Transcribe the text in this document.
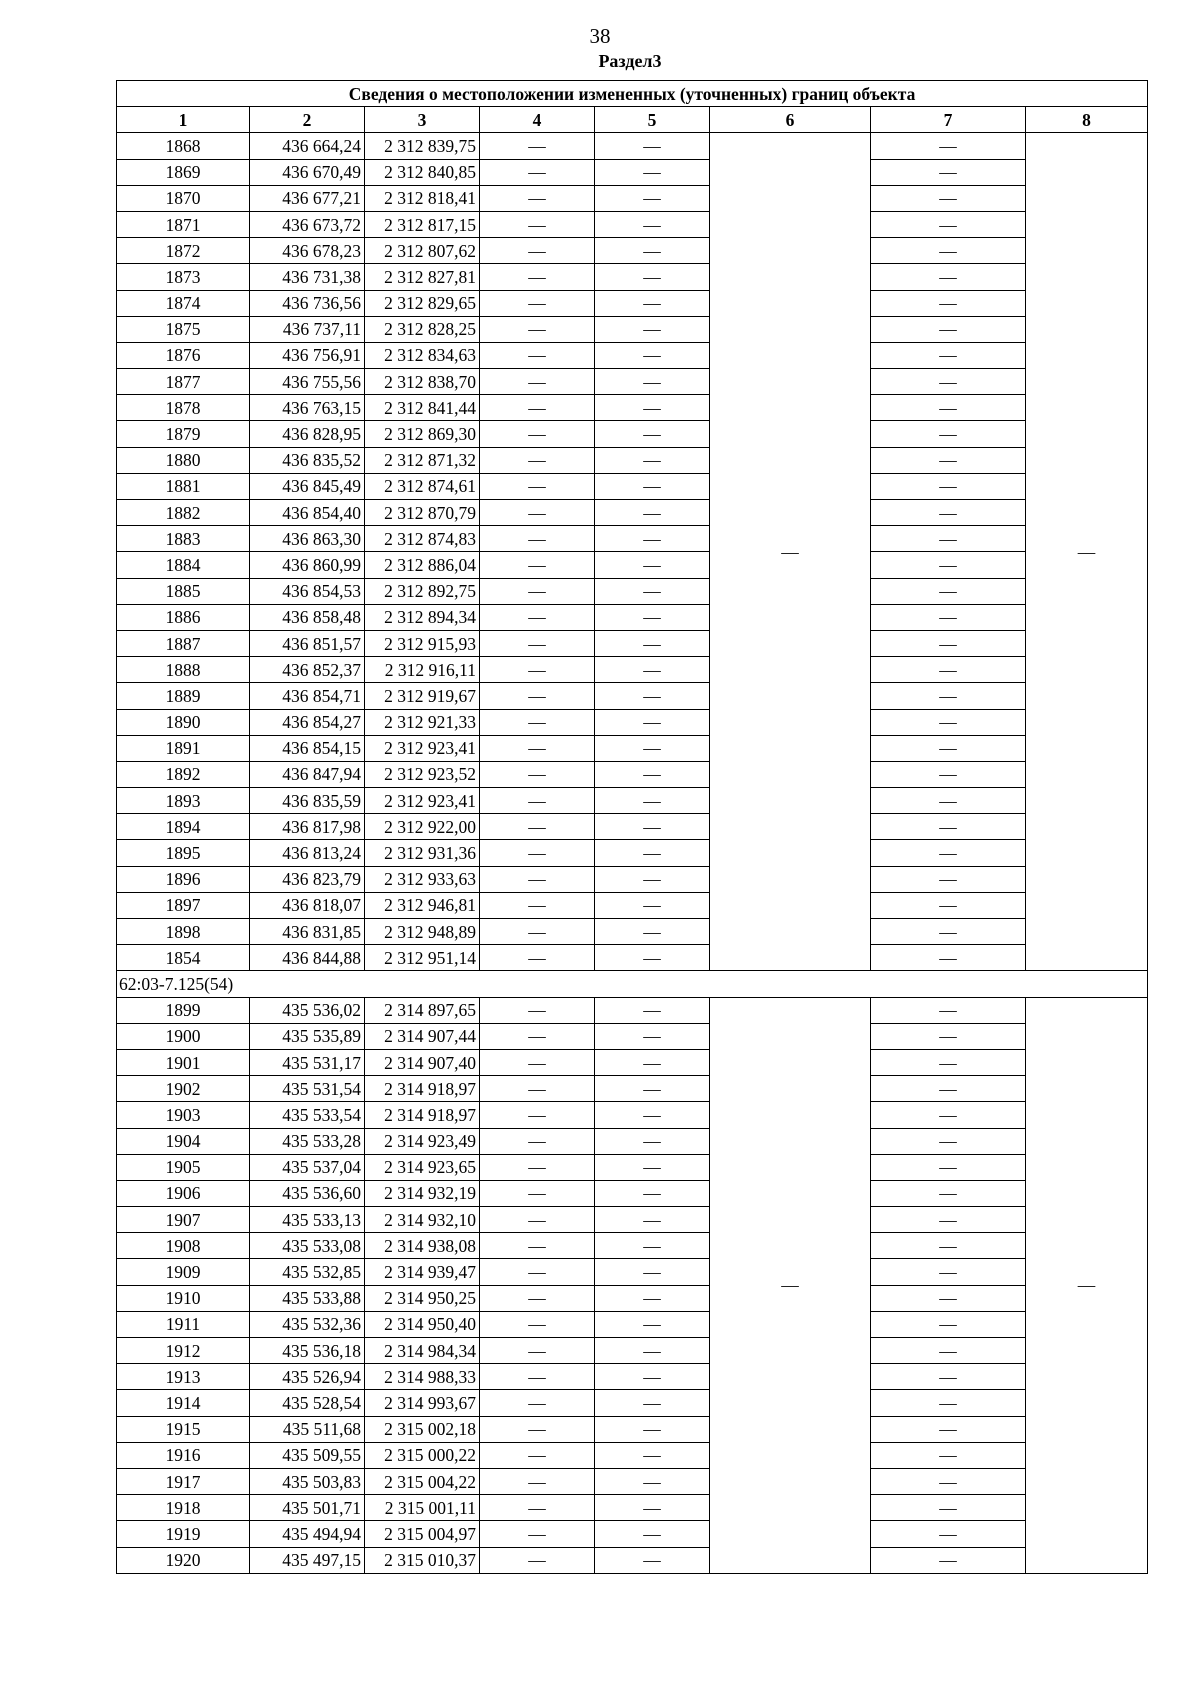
38
Раздел3
Сведения о местоположении измененных (уточненных) границ объекта							
1	2	3	4	5	6	7	8
1868	436 664,24	2 312 839,75	—	—	—	—	—
1869	436 670,49	2 312 840,85	—	—		—	
1870	436 677,21	2 312 818,41	—	—		—	
1871	436 673,72	2 312 817,15	—	—		—	
1872	436 678,23	2 312 807,62	—	—		—	
1873	436 731,38	2 312 827,81	—	—		—	
1874	436 736,56	2 312 829,65	—	—		—	
1875	436 737,11	2 312 828,25	—	—		—	
1876	436 756,91	2 312 834,63	—	—		—	
1877	436 755,56	2 312 838,70	—	—		—	
1878	436 763,15	2 312 841,44	—	—		—	
1879	436 828,95	2 312 869,30	—	—		—	
1880	436 835,52	2 312 871,32	—	—		—	
1881	436 845,49	2 312 874,61	—	—		—	
1882	436 854,40	2 312 870,79	—	—		—	
1883	436 863,30	2 312 874,83	—	—		—	
1884	436 860,99	2 312 886,04	—	—		—	
1885	436 854,53	2 312 892,75	—	—		—	
1886	436 858,48	2 312 894,34	—	—		—	
1887	436 851,57	2 312 915,93	—	—		—	
1888	436 852,37	2 312 916,11	—	—		—	
1889	436 854,71	2 312 919,67	—	—		—	
1890	436 854,27	2 312 921,33	—	—		—	
1891	436 854,15	2 312 923,41	—	—		—	
1892	436 847,94	2 312 923,52	—	—		—	
1893	436 835,59	2 312 923,41	—	—		—	
1894	436 817,98	2 312 922,00	—	—		—	
1895	436 813,24	2 312 931,36	—	—		—	
1896	436 823,79	2 312 933,63	—	—		—	
1897	436 818,07	2 312 946,81	—	—		—	
1898	436 831,85	2 312 948,89	—	—		—	
1854	436 844,88	2 312 951,14	—	—		—	
62:03-7.125(54)							
1899	435 536,02	2 314 897,65	—	—	—	—	—
1900	435 535,89	2 314 907,44	—	—		—	
1901	435 531,17	2 314 907,40	—	—		—	
1902	435 531,54	2 314 918,97	—	—		—	
1903	435 533,54	2 314 918,97	—	—		—	
1904	435 533,28	2 314 923,49	—	—		—	
1905	435 537,04	2 314 923,65	—	—		—	
1906	435 536,60	2 314 932,19	—	—		—	
1907	435 533,13	2 314 932,10	—	—		—	
1908	435 533,08	2 314 938,08	—	—		—	
1909	435 532,85	2 314 939,47	—	—		—	
1910	435 533,88	2 314 950,25	—	—		—	
1911	435 532,36	2 314 950,40	—	—		—	
1912	435 536,18	2 314 984,34	—	—		—	
1913	435 526,94	2 314 988,33	—	—		—	
1914	435 528,54	2 314 993,67	—	—		—	
1915	435 511,68	2 315 002,18	—	—		—	
1916	435 509,55	2 315 000,22	—	—		—	
1917	435 503,83	2 315 004,22	—	—		—	
1918	435 501,71	2 315 001,11	—	—		—	
1919	435 494,94	2 315 004,97	—	—		—	
1920	435 497,15	2 315 010,37	—	—		—	
